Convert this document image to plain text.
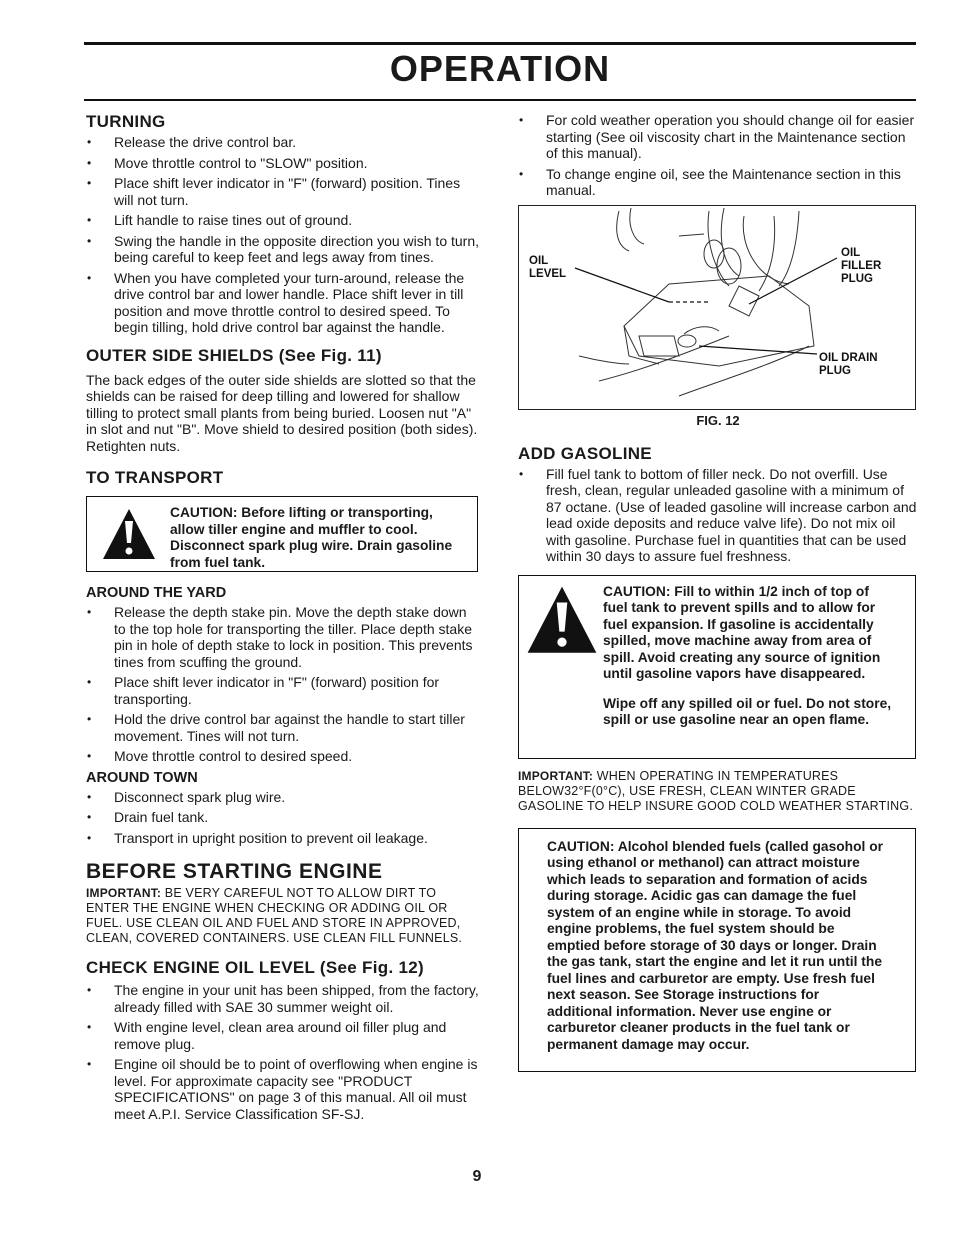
OPERATION
TURNING
• Release the drive control bar.
• Move throttle control to "SLOW" position.
• Place shift lever indicator in "F" (forward) position. Tines will not turn.
• Lift handle to raise tines out of ground.
• Swing the handle in the opposite direction you wish to turn, being careful to keep feet and legs away from tines.
• When you have completed your turn-around, release the drive control bar and lower handle. Place shift lever in till position and move throttle control to desired speed. To begin tilling, hold drive control bar against the handle.
OUTER SIDE SHIELDS (See Fig. 11)

The back edges of the outer side shields are slotted so that the shields can be raised for deep tilling and lowered for shallow tilling to protect small plants from being buried. Loosen nut "A" in slot and nut "B". Move shield to desired position (both sides). Retighten nuts.

TO TRANSPORT
CAUTION: Before lifting or transporting, allow tiller engine and muffler to cool. Disconnect spark plug wire. Drain gasoline from fuel tank.
AROUND THE YARD
• Release the depth stake pin. Move the depth stake down to the top hole for transporting the tiller. Place depth stake pin in hole of depth stake to lock in position. This prevents tines from scuffing the ground.
• Place shift lever indicator in "F" (forward) position for transporting.
• Hold the drive control bar against the handle to start tiller movement. Tines will not turn.
• Move throttle control to desired speed.
AROUND TOWN
• Disconnect spark plug wire.
• Drain fuel tank.
• Transport in upright position to prevent oil leakage.
BEFORE STARTING ENGINE

IMPORTANT: BE VERY CAREFUL NOT TO ALLOW DIRT TO ENTER THE ENGINE WHEN CHECKING OR ADDING OIL OR FUEL. USE CLEAN OIL AND FUEL AND STORE IN APPROVED, CLEAN, COVERED CONTAINERS. USE CLEAN FILL FUNNELS.

CHECK ENGINE OIL LEVEL (See Fig. 12)
• The engine in your unit has been shipped, from the factory, already filled with SAE 30 summer weight oil.
• With engine level, clean area around oil filler plug and remove plug.
• Engine oil should be to point of overflowing when engine is level. For approximate capacity see "PRODUCT SPECIFICATIONS" on page 3 of this manual. All oil must meet A.P.I. Service Classification SF-SJ.
• For cold weather operation you should change oil for easier starting (See oil viscosity chart in the Maintenance section of this manual).
• To change engine oil, see the Maintenance section in this manual.
OIL
LEVEL
OIL
FILLER
PLUG
OIL DRAIN
PLUG
FIG. 12
ADD GASOLINE
• Fill fuel tank to bottom of filler neck. Do not overfill. Use fresh, clean, regular unleaded gasoline with a minimum of 87 octane. (Use of leaded gasoline will increase carbon and lead oxide deposits and reduce valve life). Do not mix oil with gasoline. Purchase fuel in quantities that can be used within 30 days to assure fuel freshness.
CAUTION: Fill to within 1/2 inch of top of fuel tank to prevent spills and to allow for fuel expansion. If gasoline is accidentally spilled, move machine away from area of spill. Avoid creating any source of ignition until gasoline vapors have disappeared.
Wipe off any spilled oil or fuel. Do not store, spill or use gasoline near an open flame.

IMPORTANT: WHEN OPERATING IN TEMPERATURES BELOW32°F(0°C), USE FRESH, CLEAN WINTER GRADE GASOLINE TO HELP INSURE GOOD COLD WEATHER STARTING.

CAUTION: Alcohol blended fuels (called gasohol or using ethanol or methanol) can attract moisture which leads to separation and formation of acids during storage. Acidic gas can damage the fuel system of an engine while in storage. To avoid engine problems, the fuel system should be emptied before storage of 30 days or longer. Drain the gas tank, start the engine and let it run until the fuel lines and carburetor are empty. Use fresh fuel next season. See Storage instructions for additional information. Never use engine or carburetor cleaner products in the fuel tank or permanent damage may occur.
9
